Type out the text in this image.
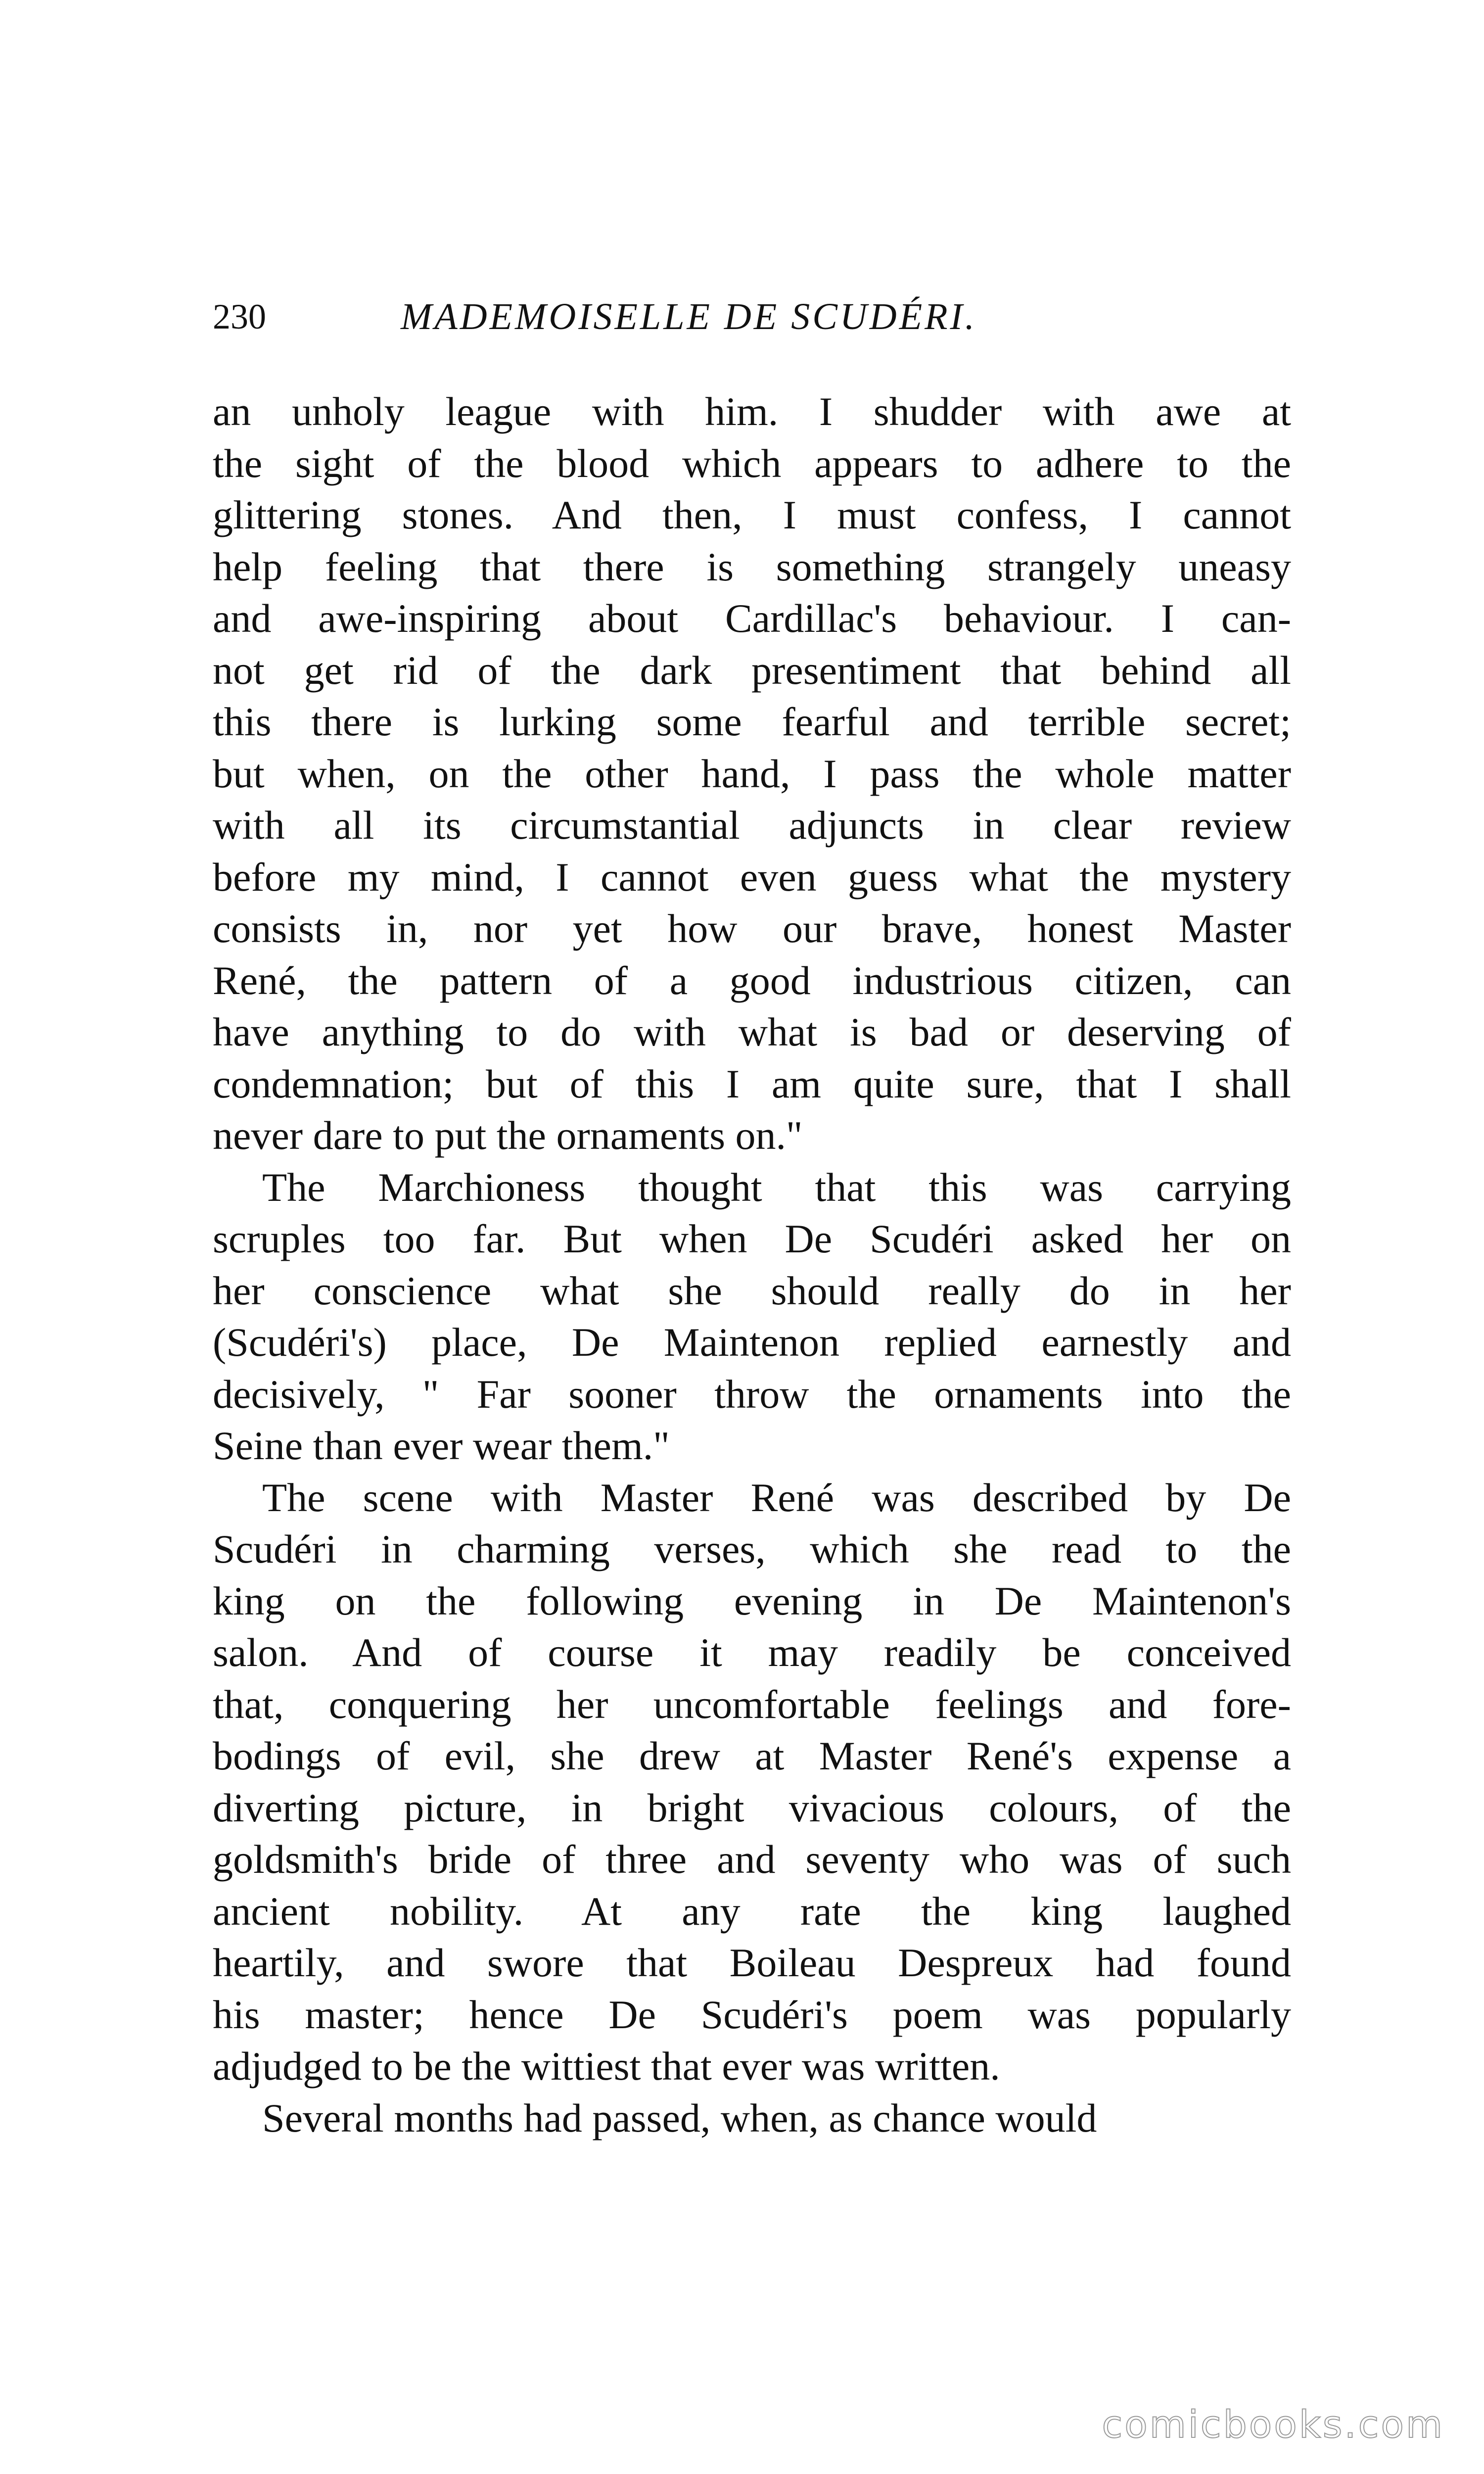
230	MADEMOISELLE DE SCUDÉRI.
an unholy league with him. I shudder with awe at
the sight of the blood which appears to adhere to the
glittering stones. And then, I must confess, I cannot
help feeling that there is something strangely uneasy
and awe-inspiring about Cardillac's behaviour. I can-
not get rid of the dark presentiment that behind all
this there is lurking some fearful and terrible secret;
but when, on the other hand, I pass the whole matter
with all its circumstantial adjuncts in clear review
before my mind, I cannot even guess what the mystery
consists in, nor yet how our brave, honest Master
René, the pattern of a good industrious citizen, can
have anything to do with what is bad or deserving of
condemnation; but of this I am quite sure, that I shall
never dare to put the ornaments on."
The Marchioness thought that this was carrying
scruples too far. But when De Scudéri asked her on
her conscience what she should really do in her
(Scudéri's) place, De Maintenon replied earnestly and
decisively, " Far sooner throw the ornaments into the
Seine than ever wear them."
The scene with Master René was described by De
Scudéri in charming verses, which she read to the
king on the following evening in De Maintenon's
salon. And of course it may readily be conceived
that, conquering her uncomfortable feelings and fore-
bodings of evil, she drew at Master René's expense a
diverting picture, in bright vivacious colours, of the
goldsmith's bride of three and seventy who was of such
ancient nobility. At any rate the king laughed
heartily, and swore that Boileau Despreux had found
his master; hence De Scudéri's poem was popularly
adjudged to be the wittiest that ever was written.
Several months had passed, when, as chance would
comicbooks.com
